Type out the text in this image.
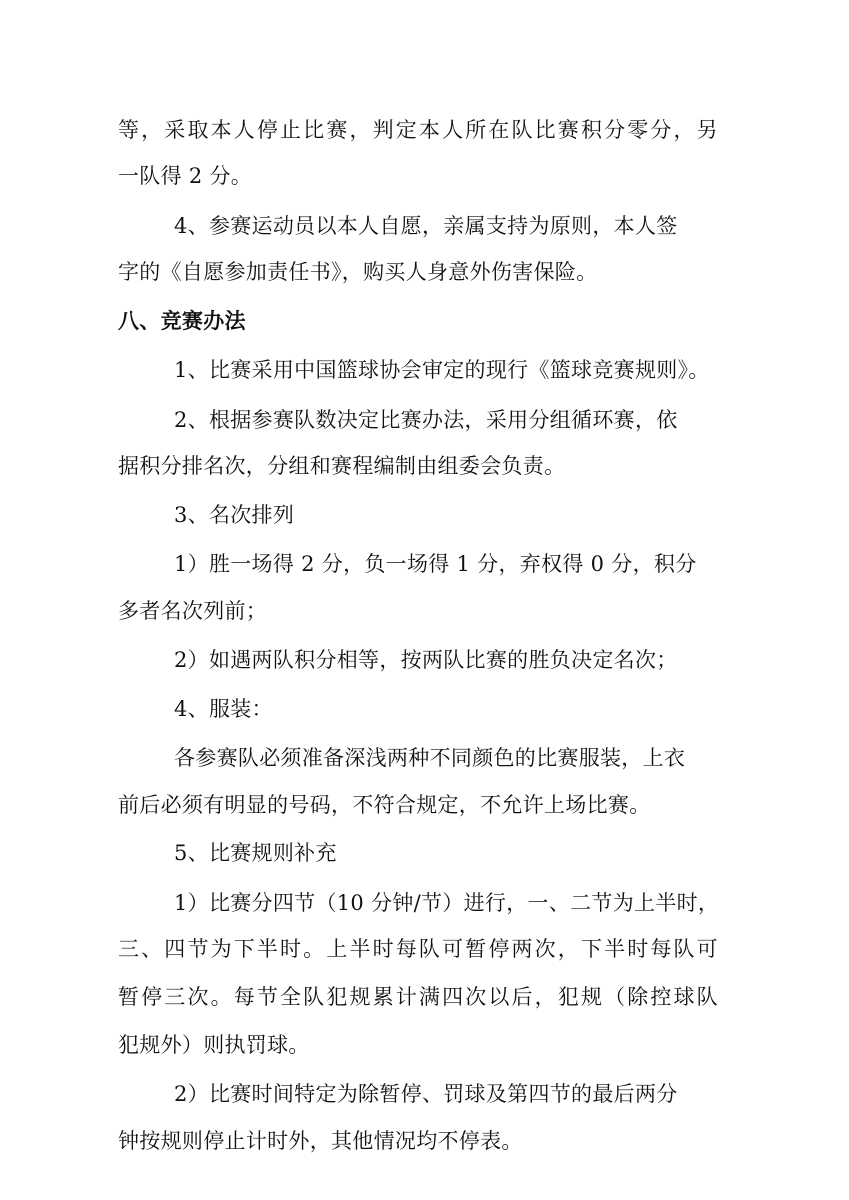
等，采取本人停止比赛，判定本人所在队比赛积分零分，另
一队得 2 分。
4、参赛运动员以本人自愿，亲属支持为原则，本人签
字的《自愿参加责任书》，购买人身意外伤害保险。
八、竞赛办法
1、比赛采用中国篮球协会审定的现行《篮球竞赛规则》。
2、根据参赛队数决定比赛办法，采用分组循环赛，依
据积分排名次，分组和赛程编制由组委会负责。
3、名次排列
1）胜一场得 2 分，负一场得 1 分，弃权得 0 分，积分
多者名次列前；
2）如遇两队积分相等，按两队比赛的胜负决定名次；
4、服装：
各参赛队必须准备深浅两种不同颜色的比赛服装，上衣
前后必须有明显的号码，不符合规定，不允许上场比赛。
5、比赛规则补充
1）比赛分四节（10 分钟/节）进行，一、二节为上半时，
三、四节为下半时。上半时每队可暂停两次，下半时每队可
暂停三次。每节全队犯规累计满四次以后，犯规（除控球队
犯规外）则执罚球。
2）比赛时间特定为除暂停、罚球及第四节的最后两分
钟按规则停止计时外，其他情况均不停表。
